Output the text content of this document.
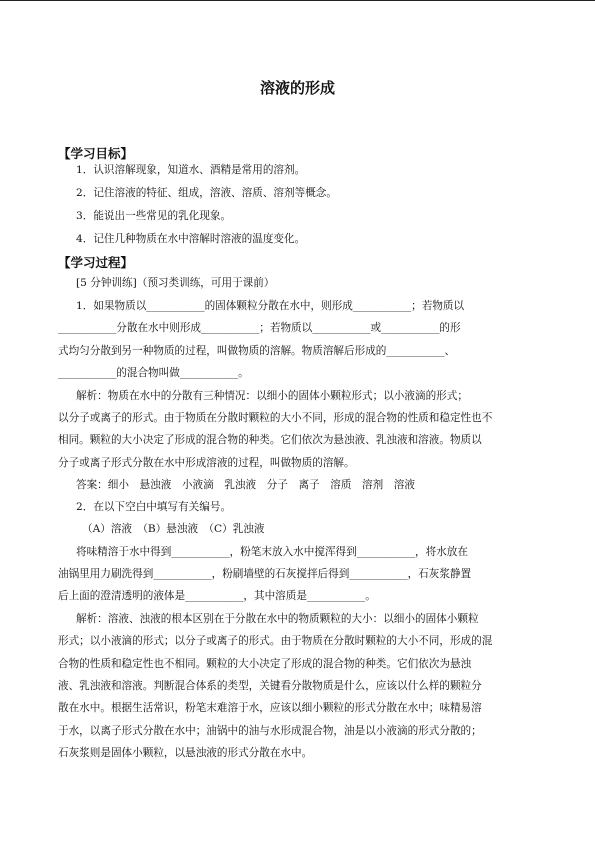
溶液的形成
【学习目标】
1．认识溶解现象，知道水、酒精是常用的溶剂。
2．记住溶液的特征、组成，溶液、溶质、溶剂等概念。
3．能说出一些常见的乳化现象。
4．记住几种物质在水中溶解时溶液的温度变化。
【学习过程】
[5 分钟训练]（预习类训练，可用于课前）
1．如果物质以___________的固体颗粒分散在水中，则形成___________；若物质以
___________分散在水中则形成___________；若物质以___________或___________的形
式均匀分散到另一种物质的过程，叫做物质的溶解。物质溶解后形成的___________、
___________的混合物叫做___________。
解析：物质在水中的分散有三种情况：以细小的固体小颗粒形式；以小液滴的形式；
以分子或离子的形式。由于物质在分散时颗粒的大小不同，形成的混合物的性质和稳定性也不
相同。颗粒的大小决定了形成的混合物的种类。它们依次为悬浊液、乳浊液和溶液。物质以
分子或离子形式分散在水中形成溶液的过程，叫做物质的溶解。
答案：细小　悬浊液　小液滴　乳浊液　分子　离子　溶质　溶剂　溶液
2．在以下空白中填写有关编号。
（A）溶液　（B）悬浊液　（C）乳浊液
将味精溶于水中得到___________，粉笔末放入水中搅浑得到___________，将水放在
油锅里用力刷洗得到___________，粉刷墙壁的石灰搅拌后得到___________，石灰浆静置
后上面的澄清透明的液体是___________，其中溶质是___________。
解析：溶液、浊液的根本区别在于分散在水中的物质颗粒的大小：以细小的固体小颗粒
形式；以小液滴的形式；以分子或离子的形式。由于物质在分散时颗粒的大小不同，形成的混
合物的性质和稳定性也不相同。颗粒的大小决定了形成的混合物的种类。它们依次为悬浊
液、乳浊液和溶液。判断混合体系的类型，关键看分散物质是什么，应该以什么样的颗粒分
散在水中。根据生活常识，粉笔末难溶于水，应该以细小颗粒的形式分散在水中；味精易溶
于水，以离子形式分散在水中；油锅中的油与水形成混合物，油是以小液滴的形式分散的；
石灰浆则是固体小颗粒，以悬浊液的形式分散在水中。
